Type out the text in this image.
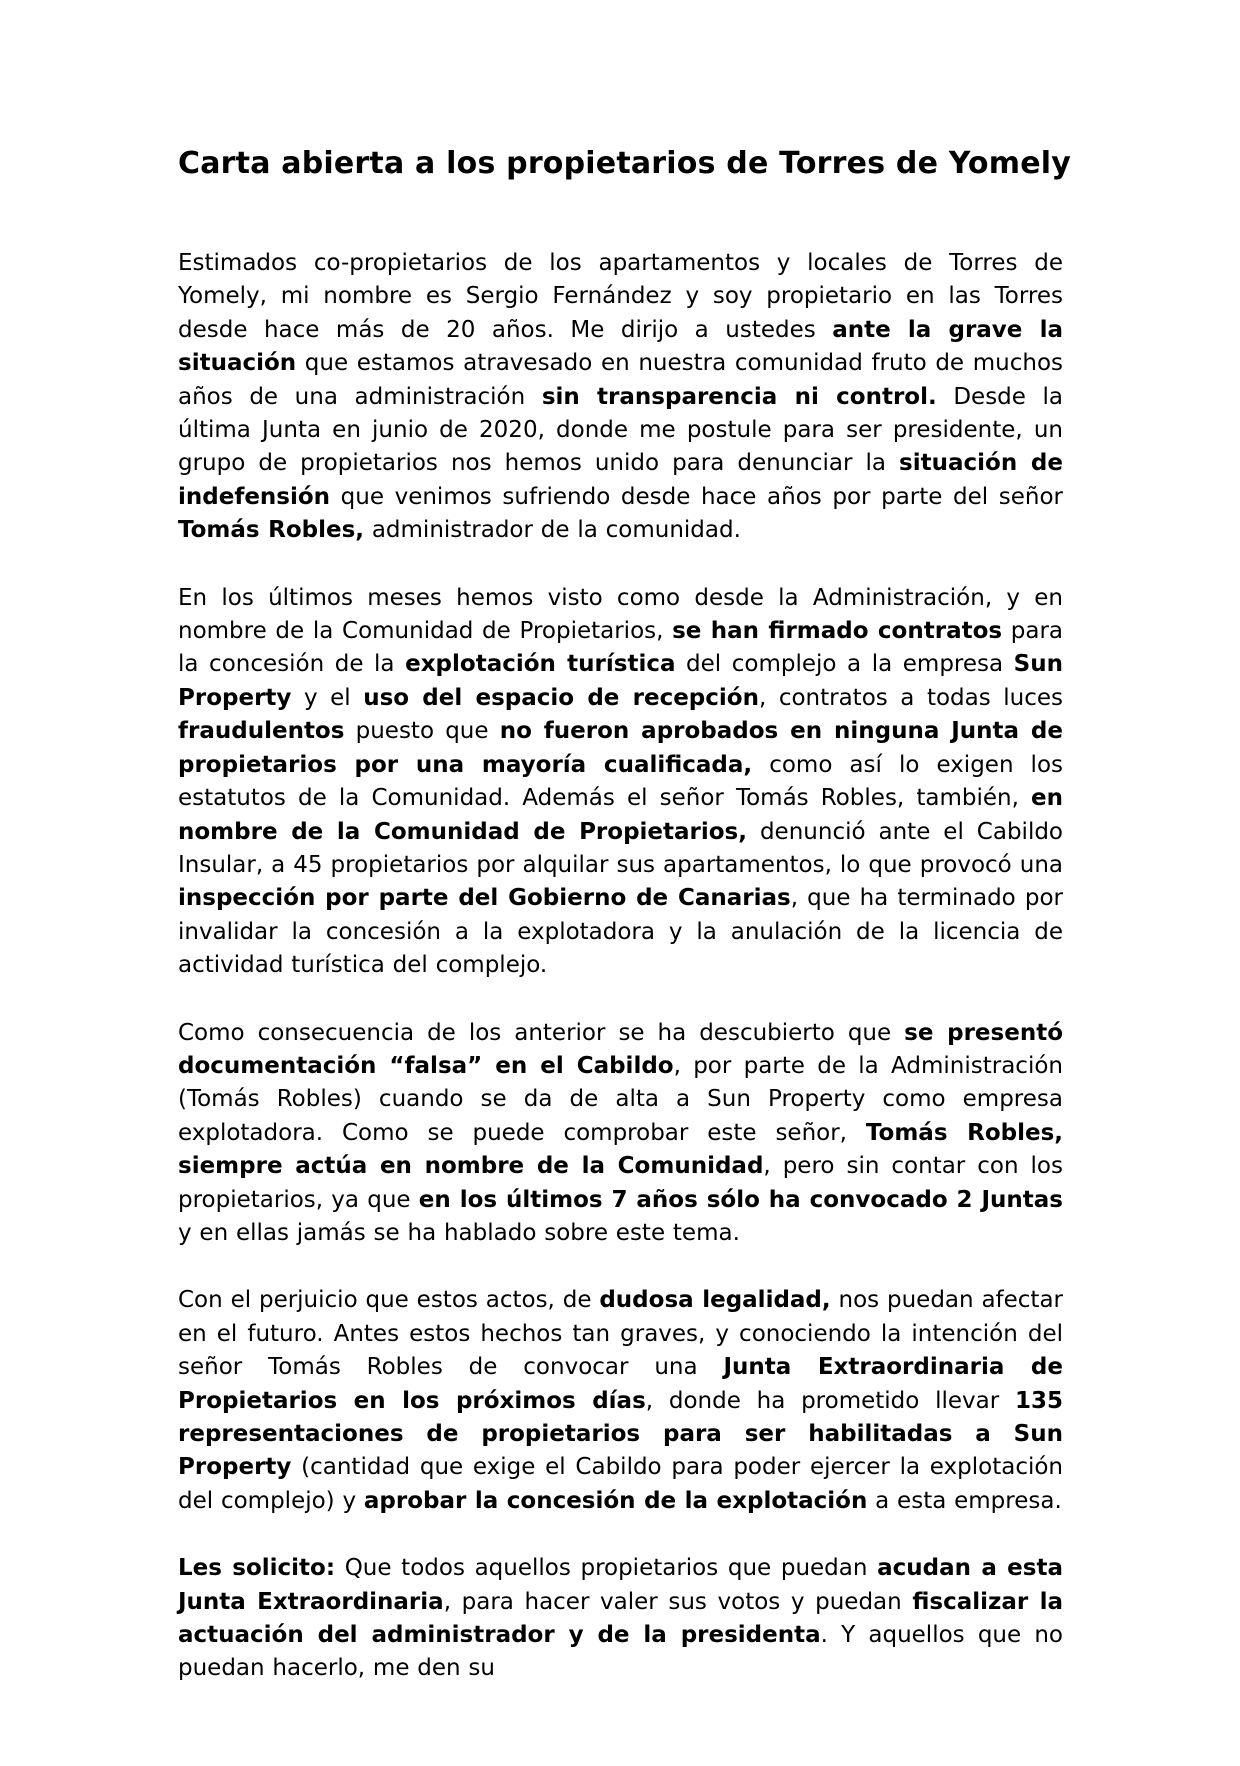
Carta abierta a los propietarios de Torres de Yomely

Estimados co-propietarios de los apartamentos y locales de Torres de Yomely, mi nombre es Sergio Fernández y soy propietario en las Torres desde hace más de 20 años. Me dirijo a ustedes ante la grave la situación que estamos atravesado en nuestra comunidad fruto de muchos años de una administración sin transparencia ni control. Desde la última Junta en junio de 2020, donde me postule para ser presidente, un grupo de propietarios nos hemos unido para denunciar la situación de indefensión que venimos sufriendo desde hace años por parte del señor Tomás Robles, administrador de la comunidad.

En los últimos meses hemos visto como desde la Administración, y en nombre de la Comunidad de Propietarios, se han firmado contratos para la concesión de la explotación turística del complejo a la empresa Sun Property y el uso del espacio de recepción, contratos a todas luces fraudulentos puesto que no fueron aprobados en ninguna Junta de propietarios por una mayoría cualificada, como así lo exigen los estatutos de la Comunidad. Además el señor Tomás Robles, también, en nombre de la Comunidad de Propietarios, denunció ante el Cabildo Insular, a 45 propietarios por alquilar sus apartamentos, lo que provocó una inspección por parte del Gobierno de Canarias, que ha terminado por invalidar la concesión a la explotadora y la anulación de la licencia de actividad turística del complejo.

Como consecuencia de los anterior se ha descubierto que se presentó documentación “falsa” en el Cabildo, por parte de la Administración (Tomás Robles) cuando se da de alta a Sun Property como empresa explotadora. Como se puede comprobar este señor, Tomás Robles, siempre actúa en nombre de la Comunidad, pero sin contar con los propietarios, ya que en los últimos 7 años sólo ha convocado 2 Juntas y en ellas jamás se ha hablado sobre este tema.

Con el perjuicio que estos actos, de dudosa legalidad, nos puedan afectar en el futuro. Antes estos hechos tan graves, y conociendo la intención del señor Tomás Robles de convocar una Junta Extraordinaria de Propietarios en los próximos días, donde ha prometido llevar 135 representaciones de propietarios para ser habilitadas a Sun Property (cantidad que exige el Cabildo para poder ejercer la explotación del complejo) y aprobar la concesión de la explotación a esta empresa.

Les solicito: Que todos aquellos propietarios que puedan acudan a esta Junta Extraordinaria, para hacer valer sus votos y puedan fiscalizar la actuación del administrador y de la presidenta. Y aquellos que no puedan hacerlo, me den su
